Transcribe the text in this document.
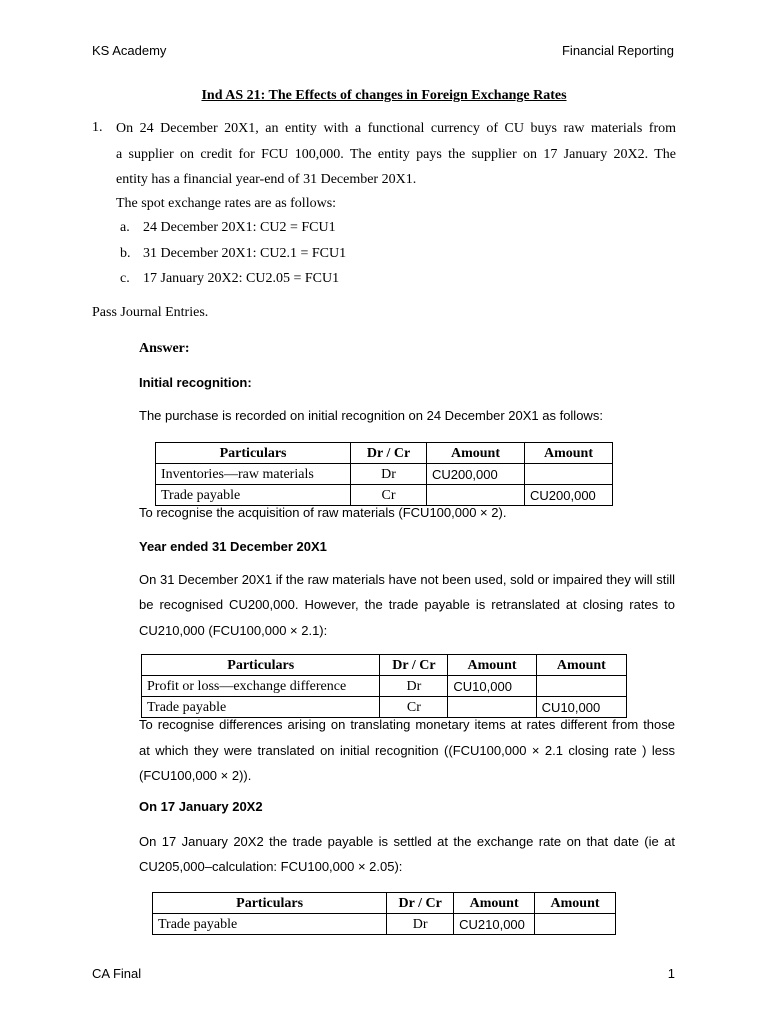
KS Academy	Financial Reporting
Ind AS 21: The Effects of changes in Foreign Exchange Rates
1. On 24 December 20X1, an entity with a functional currency of CU buys raw materials from
a supplier on credit for FCU 100,000. The entity pays the supplier on 17 January 20X2. The
entity has a financial year-end of 31 December 20X1.
The spot exchange rates are as follows:
a. 24 December 20X1: CU2 = FCU1
b. 31 December 20X1: CU2.1 = FCU1
c. 17 January 20X2: CU2.05 = FCU1
Pass Journal Entries.
Answer:
Initial recognition:
The purchase is recorded on initial recognition on 24 December 20X1 as follows:
Particulars	Dr / Cr	Amount	Amount
Inventories—raw materials	Dr	CU200,000	
Trade payable	Cr		CU200,000
To recognise the acquisition of raw materials (FCU100,000 × 2).
Year ended 31 December 20X1
On 31 December 20X1 if the raw materials have not been used, sold or impaired they will still
be recognised CU200,000. However, the trade payable is retranslated at closing rates to
CU210,000 (FCU100,000 × 2.1):
Particulars	Dr / Cr	Amount	Amount
Profit or loss—exchange difference	Dr	CU10,000	
Trade payable	Cr		CU10,000
To recognise differences arising on translating monetary items at rates different from those
at which they were translated on initial recognition ((FCU100,000 × 2.1 closing rate ) less
(FCU100,000 × 2)).
On 17 January 20X2
On 17 January 20X2 the trade payable is settled at the exchange rate on that date (ie at
CU205,000–calculation: FCU100,000 × 2.05):
Particulars	Dr / Cr	Amount	Amount
Trade payable	Dr	CU210,000	
CA Final	1
